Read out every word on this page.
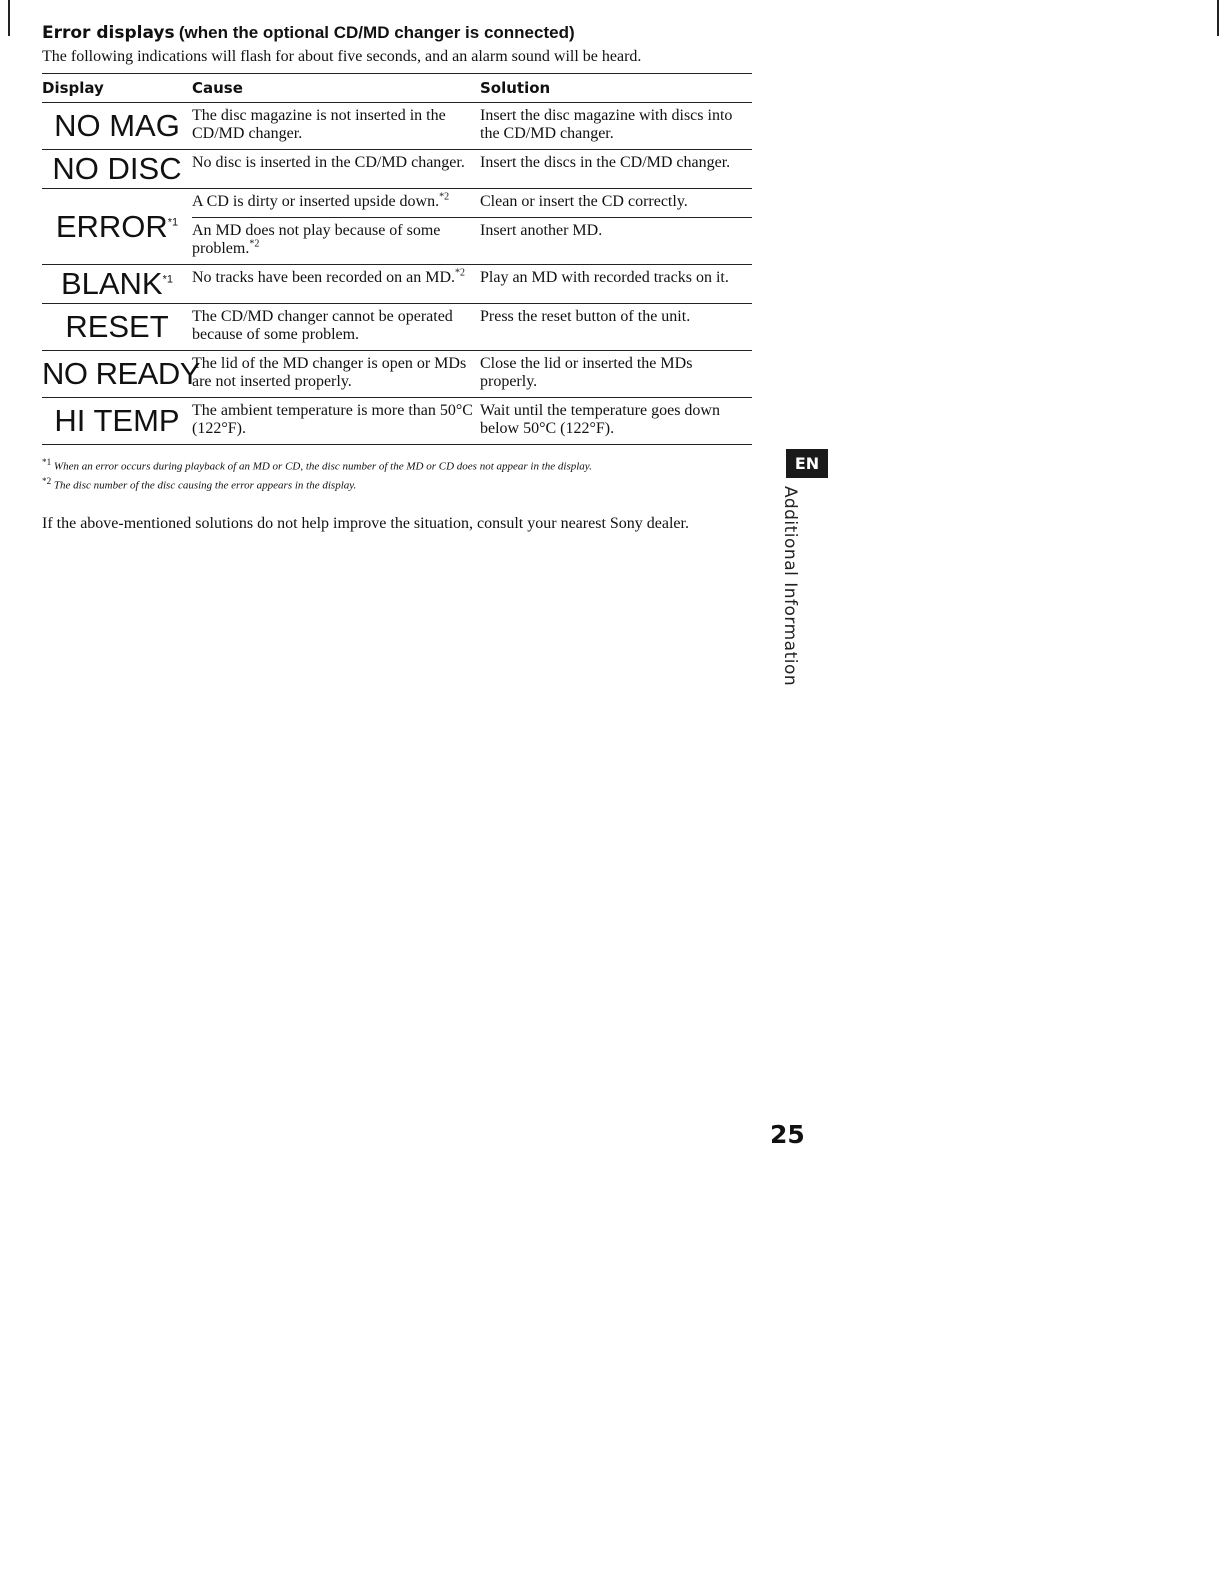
Error displays (when the optional CD/MD changer is connected)

The following indications will flash for about five seconds, and an alarm sound will be heard.

Display	Cause	Solution
NO MAG	The disc magazine is not inserted in the CD/MD changer.	Insert the disc magazine with discs into the CD/MD changer.
NO DISC	No disc is inserted in the CD/MD changer.	Insert the discs in the CD/MD changer.
ERROR$^{*1}$	A CD is dirty or inserted upside down.$^{*2}$	Clean or insert the CD correctly.
	An MD does not play because of some problem.$^{*2}$	Insert another MD.
BLANK$^{*1}$	No tracks have been recorded on an MD.$^{*2}$	Play an MD with recorded tracks on it.
RESET	The CD/MD changer cannot be operated because of some problem.	Press the reset button of the unit.
NO READY	The lid of the MD changer is open or MDs are not inserted properly.	Close the lid or inserted the MDs properly.
HI TEMP	The ambient temperature is more than 50°C (122°F).	Wait until the temperature goes down below 50°C (122°F).

$^{*1}$ When an error occurs during playback of an MD or CD, the disc number of the MD or CD does not appear in the display.

$^{*2}$ The disc number of the disc causing the error appears in the display.

If the above-mentioned solutions do not help improve the situation, consult your nearest Sony dealer.

EN
Additional Information
25
